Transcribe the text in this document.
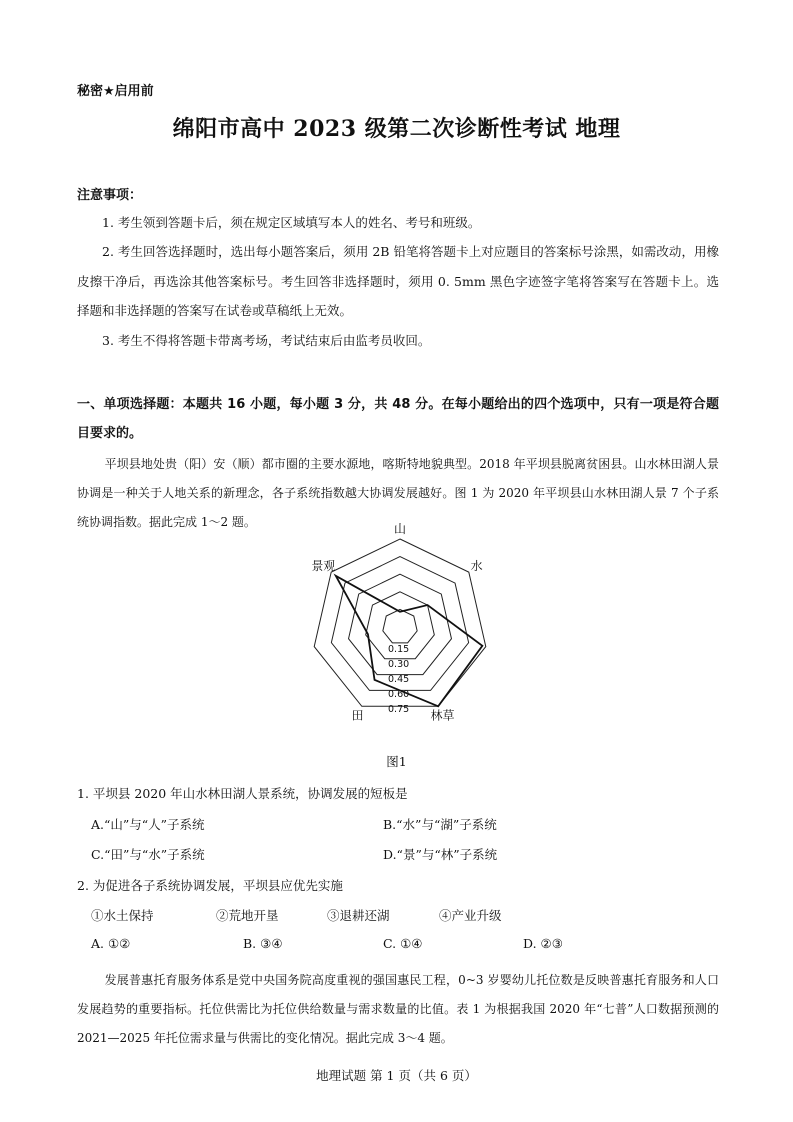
秘密★启用前
绵阳市高中 2023 级第二次诊断性考试 地理
注意事项：
1. 考生领到答题卡后，须在规定区域填写本人的姓名、考号和班级。
2. 考生回答选择题时，选出每小题答案后，须用 2B 铅笔将答题卡上对应题目的答案标号涂黑，如需改动，用橡皮擦干净后，再选涂其他答案标号。考生回答非选择题时，须用 0. 5mm 黑色字迹签字笔将答案写在答题卡上。选择题和非选择题的答案写在试卷或草稿纸上无效。
3. 考生不得将答题卡带离考场，考试结束后由监考员收回。
一、单项选择题：本题共 16 小题，每小题 3 分，共 48 分。在每小题给出的四个选项中，只有一项是符合题目要求的。
平坝县地处贵（阳）安（顺）都市圈的主要水源地，喀斯特地貌典型。2018 年平坝县脱离贫困县。山水林田湖人景协调是一种关于人地关系的新理念，各子系统指数越大协调发展越好。图 1 为 2020 年平坝县山水林田湖人景 7 个子系统协调指数。据此完成 1～2 题。	山
水
林草
田
景观
0.15
0.30
0.45
0.60
0.75
图1
1. 平坝县 2020 年山水林田湖人景系统，协调发展的短板是
A.“山”与“人”子系统	B.“水”与“湖”子系统
C.“田”与“水”子系统	D.“景”与“林”子系统
2. 为促进各子系统协调发展，平坝县应优先实施
①水土保持	②荒地开垦	③退耕还湖	④产业升级
A. ①②	B. ③④	C. ①④	D. ②③
发展普惠托育服务体系是党中央国务院高度重视的强国惠民工程，0~3 岁婴幼儿托位数是反映普惠托育服务和人口发展趋势的重要指标。托位供需比为托位供给数量与需求数量的比值。表 1 为根据我国 2020 年“七普”人口数据预测的 2021—2025 年托位需求量与供需比的变化情况。据此完成 3～4 题。
地理试题 第 1 页（共 6 页）
